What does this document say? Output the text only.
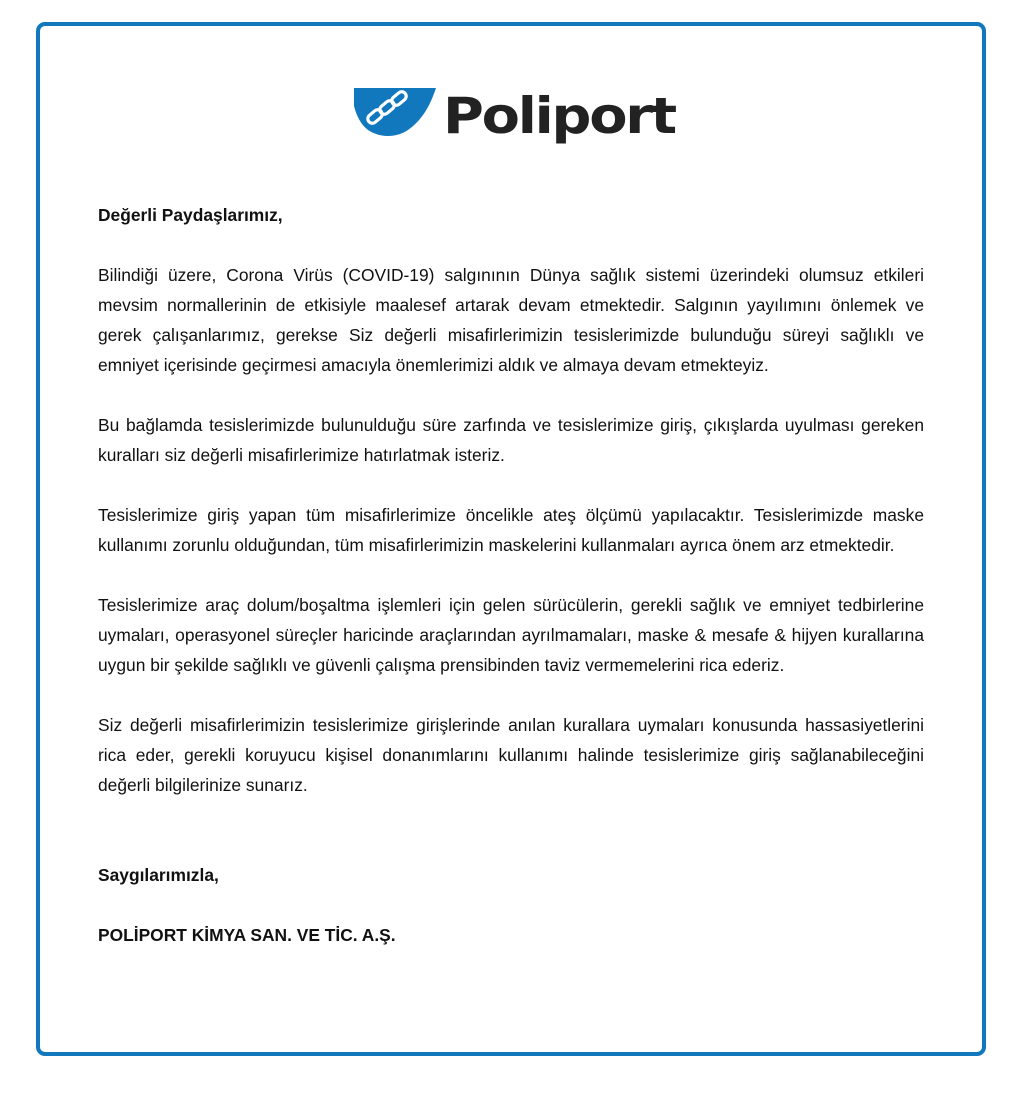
Poliport

Değerli Paydaşlarımız,

Bilindiği üzere, Corona Virüs (COVID-19) salgınının Dünya sağlık sistemi üzerindeki olumsuz etkileri mevsim normallerinin de etkisiyle maalesef artarak devam etmektedir. Salgının yayılımını önlemek ve gerek çalışanlarımız, gerekse Siz değerli misafirlerimizin tesislerimizde bulunduğu süreyi sağlıklı ve emniyet içerisinde geçirmesi amacıyla önemlerimizi aldık ve almaya devam etmekteyiz.

Bu bağlamda tesislerimizde bulunulduğu süre zarfında ve tesislerimize giriş, çıkışlarda uyulması gereken kuralları siz değerli misafirlerimize hatırlatmak isteriz.

Tesislerimize giriş yapan tüm misafirlerimize öncelikle ateş ölçümü yapılacaktır. Tesislerimizde maske kullanımı zorunlu olduğundan, tüm misafirlerimizin maskelerini kullanmaları ayrıca önem arz etmektedir.

Tesislerimize araç dolum/boşaltma işlemleri için gelen sürücülerin, gerekli sağlık ve emniyet tedbirlerine uymaları, operasyonel süreçler haricinde araçlarından ayrılmamaları, maske & mesafe & hijyen kurallarına uygun bir şekilde sağlıklı ve güvenli çalışma prensibinden taviz vermemelerini rica ederiz.

Siz değerli misafirlerimizin tesislerimize girişlerinde anılan kurallara uymaları konusunda hassasiyetlerini rica eder, gerekli koruyucu kişisel donanımlarını kullanımı halinde tesislerimize giriş sağlanabileceğini değerli bilgilerinize sunarız.

Saygılarımızla,

POLİPORT KİMYA SAN. VE TİC. A.Ş.
